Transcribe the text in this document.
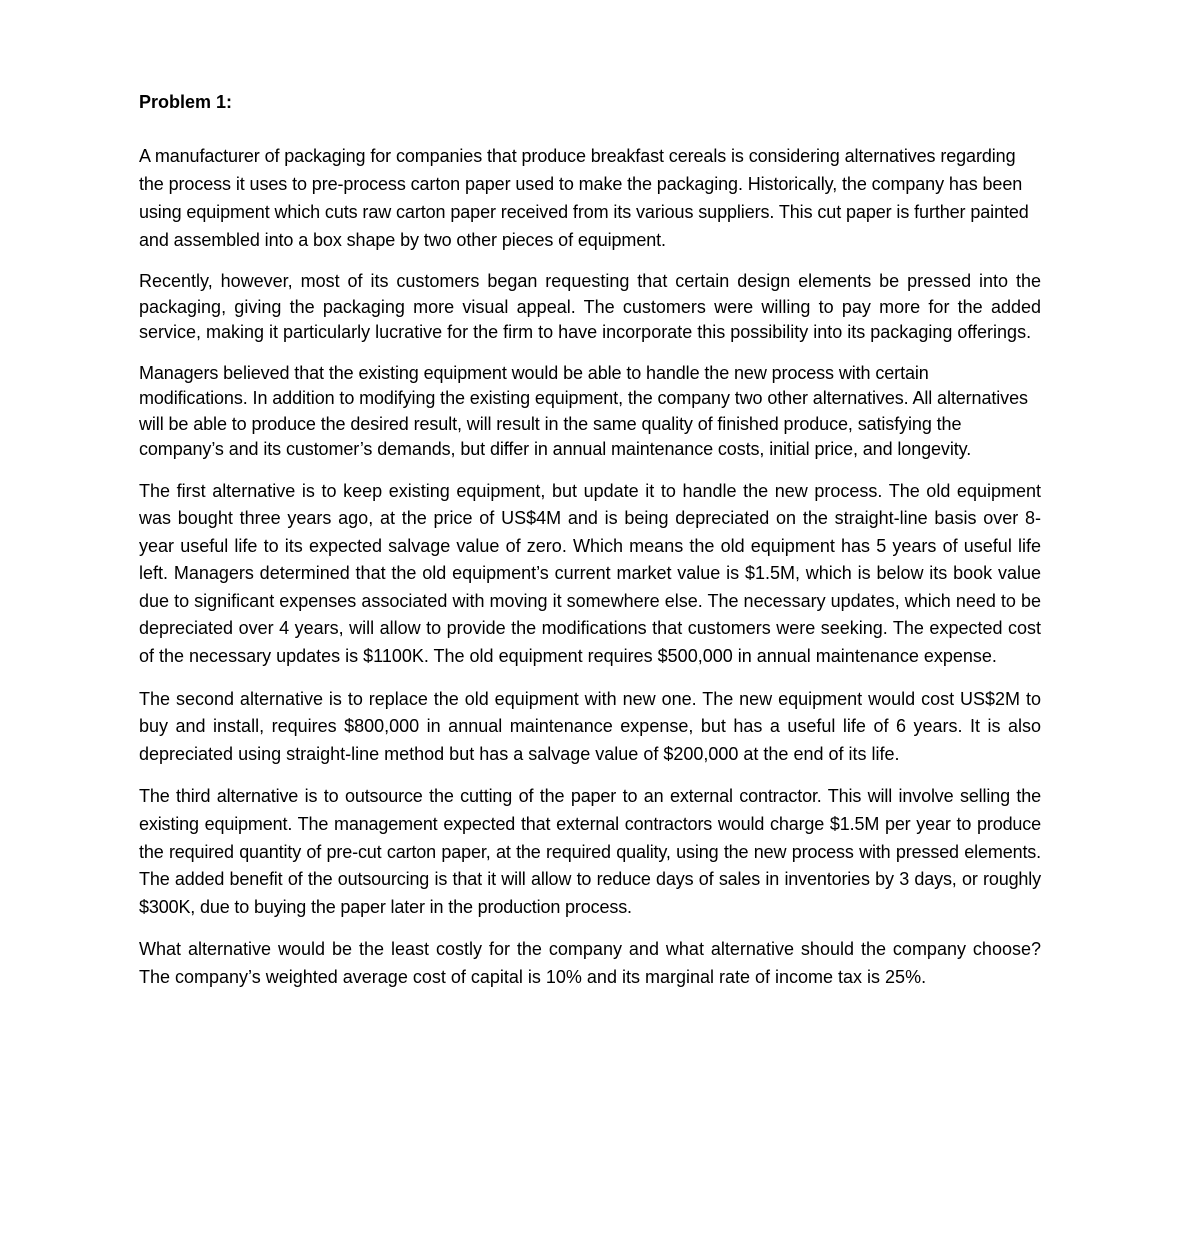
Problem 1:

A manufacturer of packaging for companies that produce breakfast cereals is considering alternatives regarding the process it uses to pre-process carton paper used to make the packaging. Historically, the company has been using equipment which cuts raw carton paper received from its various suppliers. This cut paper is further painted and assembled into a box shape by two other pieces of equipment.

Recently, however, most of its customers began requesting that certain design elements be pressed into the packaging, giving the packaging more visual appeal. The customers were willing to pay more for the added service, making it particularly lucrative for the firm to have incorporate this possibility into its packaging offerings.

Managers believed that the existing equipment would be able to handle the new process with certain modifications. In addition to modifying the existing equipment, the company two other alternatives. All alternatives will be able to produce the desired result, will result in the same quality of finished produce, satisfying the company’s and its customer’s demands, but differ in annual maintenance costs, initial price, and longevity.

The first alternative is to keep existing equipment, but update it to handle the new process. The old equipment was bought three years ago, at the price of US$4M and is being depreciated on the straight-line basis over 8-year useful life to its expected salvage value of zero. Which means the old equipment has 5 years of useful life left. Managers determined that the old equipment’s current market value is $1.5M, which is below its book value due to significant expenses associated with moving it somewhere else. The necessary updates, which need to be depreciated over 4 years, will allow to provide the modifications that customers were seeking. The expected cost of the necessary updates is $1100K. The old equipment requires $500,000 in annual maintenance expense.

The second alternative is to replace the old equipment with new one. The new equipment would cost US$2M to buy and install, requires $800,000 in annual maintenance expense, but has a useful life of 6 years. It is also depreciated using straight-line method but has a salvage value of $200,000 at the end of its life.

The third alternative is to outsource the cutting of the paper to an external contractor. This will involve selling the existing equipment. The management expected that external contractors would charge $1.5M per year to produce the required quantity of pre-cut carton paper, at the required quality, using the new process with pressed elements. The added benefit of the outsourcing is that it will allow to reduce days of sales in inventories by 3 days, or roughly $300K, due to buying the paper later in the production process.

What alternative would be the least costly for the company and what alternative should the company choose? The company’s weighted average cost of capital is 10% and its marginal rate of income tax is 25%.
